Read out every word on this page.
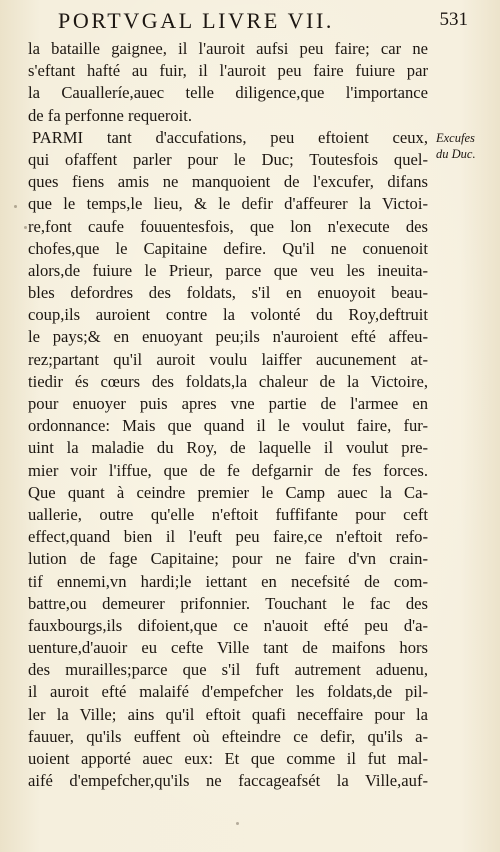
PORTVGAL LIVRE VII.	531
Excufes
du Duc.
la bataille gaignee, il l'auroit aufsi peu faire; car ne
s'eftant hafté au fuir, il l'auroit peu faire fuiure par
la Caualleríe,auec telle diligence,que l'importance
de fa perfonne requeroit.
PARMI tant d'accufations, peu eftoient ceux,
qui ofaffent parler pour le Duc; Toutesfois quel-
ques fiens amis ne manquoient de l'excufer, difans
que le temps,le lieu, & le defir d'affeurer la Victoi-
re,font caufe fouuentesfois, que lon n'execute des
chofes,que le Capitaine defire. Qu'il ne conuenoit
alors,de fuiure le Prieur, parce que veu les ineuita-
bles defordres des foldats, s'il en enuoyoit beau-
coup,ils auroient contre la volonté du Roy,deftruit
le pays;& en enuoyant peu;ils n'auroient efté affeu-
rez;partant qu'il auroit voulu laiffer aucunement at-
tiedir és cœurs des foldats,la chaleur de la Victoire,
pour enuoyer puis apres vne partie de l'armee en
ordonnance: Mais que quand il le voulut faire, fur-
uint la maladie du Roy, de laquelle il voulut pre-
mier voir l'iffue, que de fe defgarnir de fes forces.
Que quant à ceindre premier le Camp auec la Ca-
uallerie, outre qu'elle n'eftoit fuffifante pour ceft
effect,quand bien il l'euft peu faire,ce n'eftoit refo-
lution de fage Capitaine; pour ne faire d'vn crain-
tif ennemi,vn hardi;le iettant en necefsité de com-
battre,ou demeurer prifonnier. Touchant le fac des
fauxbourgs,ils difoient,que ce n'auoit efté peu d'a-
uenture,d'auoir eu cefte Ville tant de maifons hors
des murailles;parce que s'il fuft autrement aduenu,
il auroit efté malaifé d'empefcher les foldats,de pil-
ler la Ville; ains qu'il eftoit quafi neceffaire pour la
fauuer, qu'ils euffent où efteindre ce defir, qu'ils a-
uoient apporté auec eux: Et que comme il fut mal-
aifé d'empefcher,qu'ils ne faccageafsét la Ville,auf-
